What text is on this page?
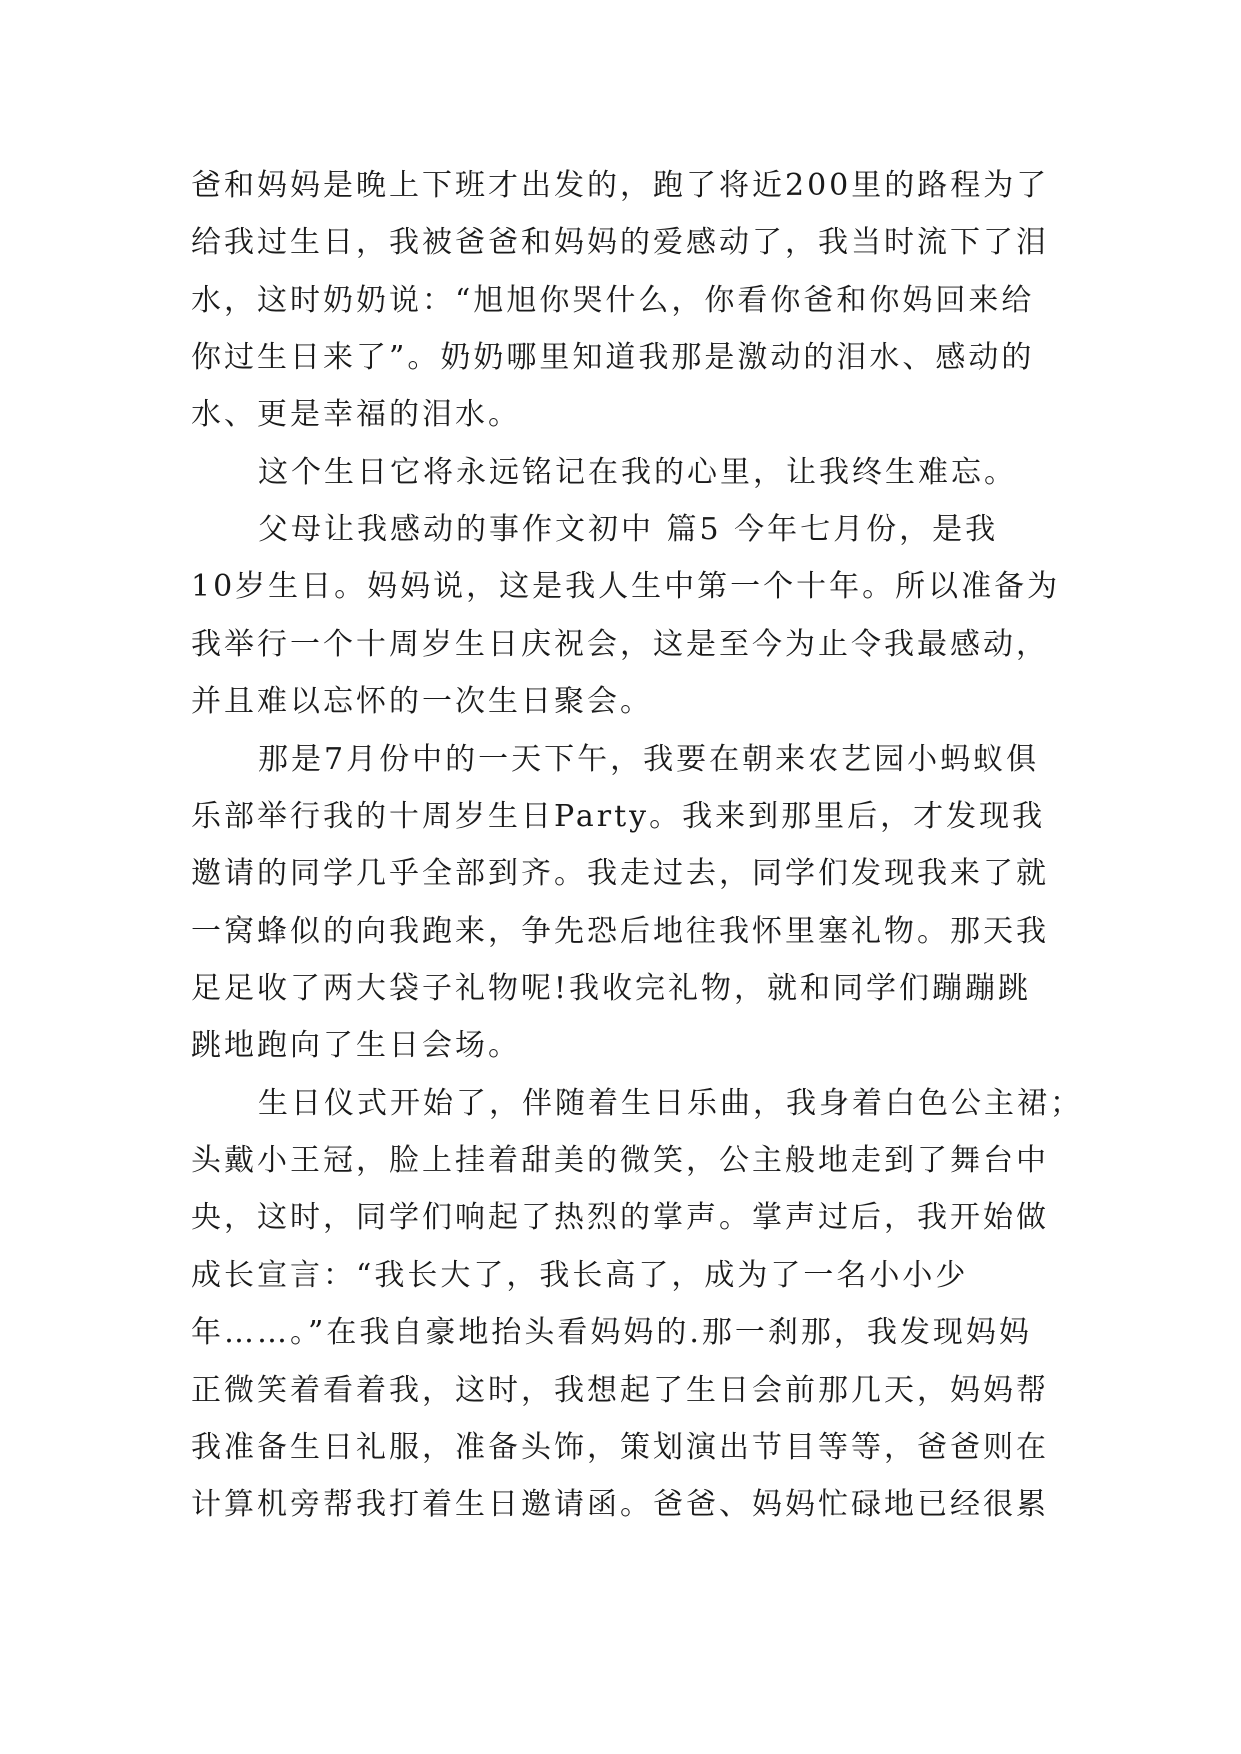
爸和妈妈是晚上下班才出发的，跑了将近200里的路程为了
给我过生日，我被爸爸和妈妈的爱感动了，我当时流下了泪
水，这时奶奶说：“旭旭你哭什么，你看你爸和你妈回来给
你过生日来了”。奶奶哪里知道我那是激动的泪水、感动的
水、更是幸福的泪水。
这个生日它将永远铭记在我的心里，让我终生难忘。
父母让我感动的事作文初中 篇5 今年七月份，是我
10岁生日。妈妈说，这是我人生中第一个十年。所以准备为
我举行一个十周岁生日庆祝会，这是至今为止令我最感动，
并且难以忘怀的一次生日聚会。
那是7月份中的一天下午，我要在朝来农艺园小蚂蚁俱
乐部举行我的十周岁生日Party。我来到那里后，才发现我
邀请的同学几乎全部到齐。我走过去，同学们发现我来了就
一窝蜂似的向我跑来，争先恐后地往我怀里塞礼物。那天我
足足收了两大袋子礼物呢!我收完礼物，就和同学们蹦蹦跳
跳地跑向了生日会场。
生日仪式开始了，伴随着生日乐曲，我身着白色公主裙；
头戴小王冠，脸上挂着甜美的微笑，公主般地走到了舞台中
央，这时，同学们响起了热烈的掌声。掌声过后，我开始做
成长宣言：“我长大了，我长高了，成为了一名小小少
年……。”在我自豪地抬头看妈妈的.那一刹那，我发现妈妈
正微笑着看着我，这时，我想起了生日会前那几天，妈妈帮
我准备生日礼服，准备头饰，策划演出节目等等，爸爸则在
计算机旁帮我打着生日邀请函。爸爸、妈妈忙碌地已经很累
